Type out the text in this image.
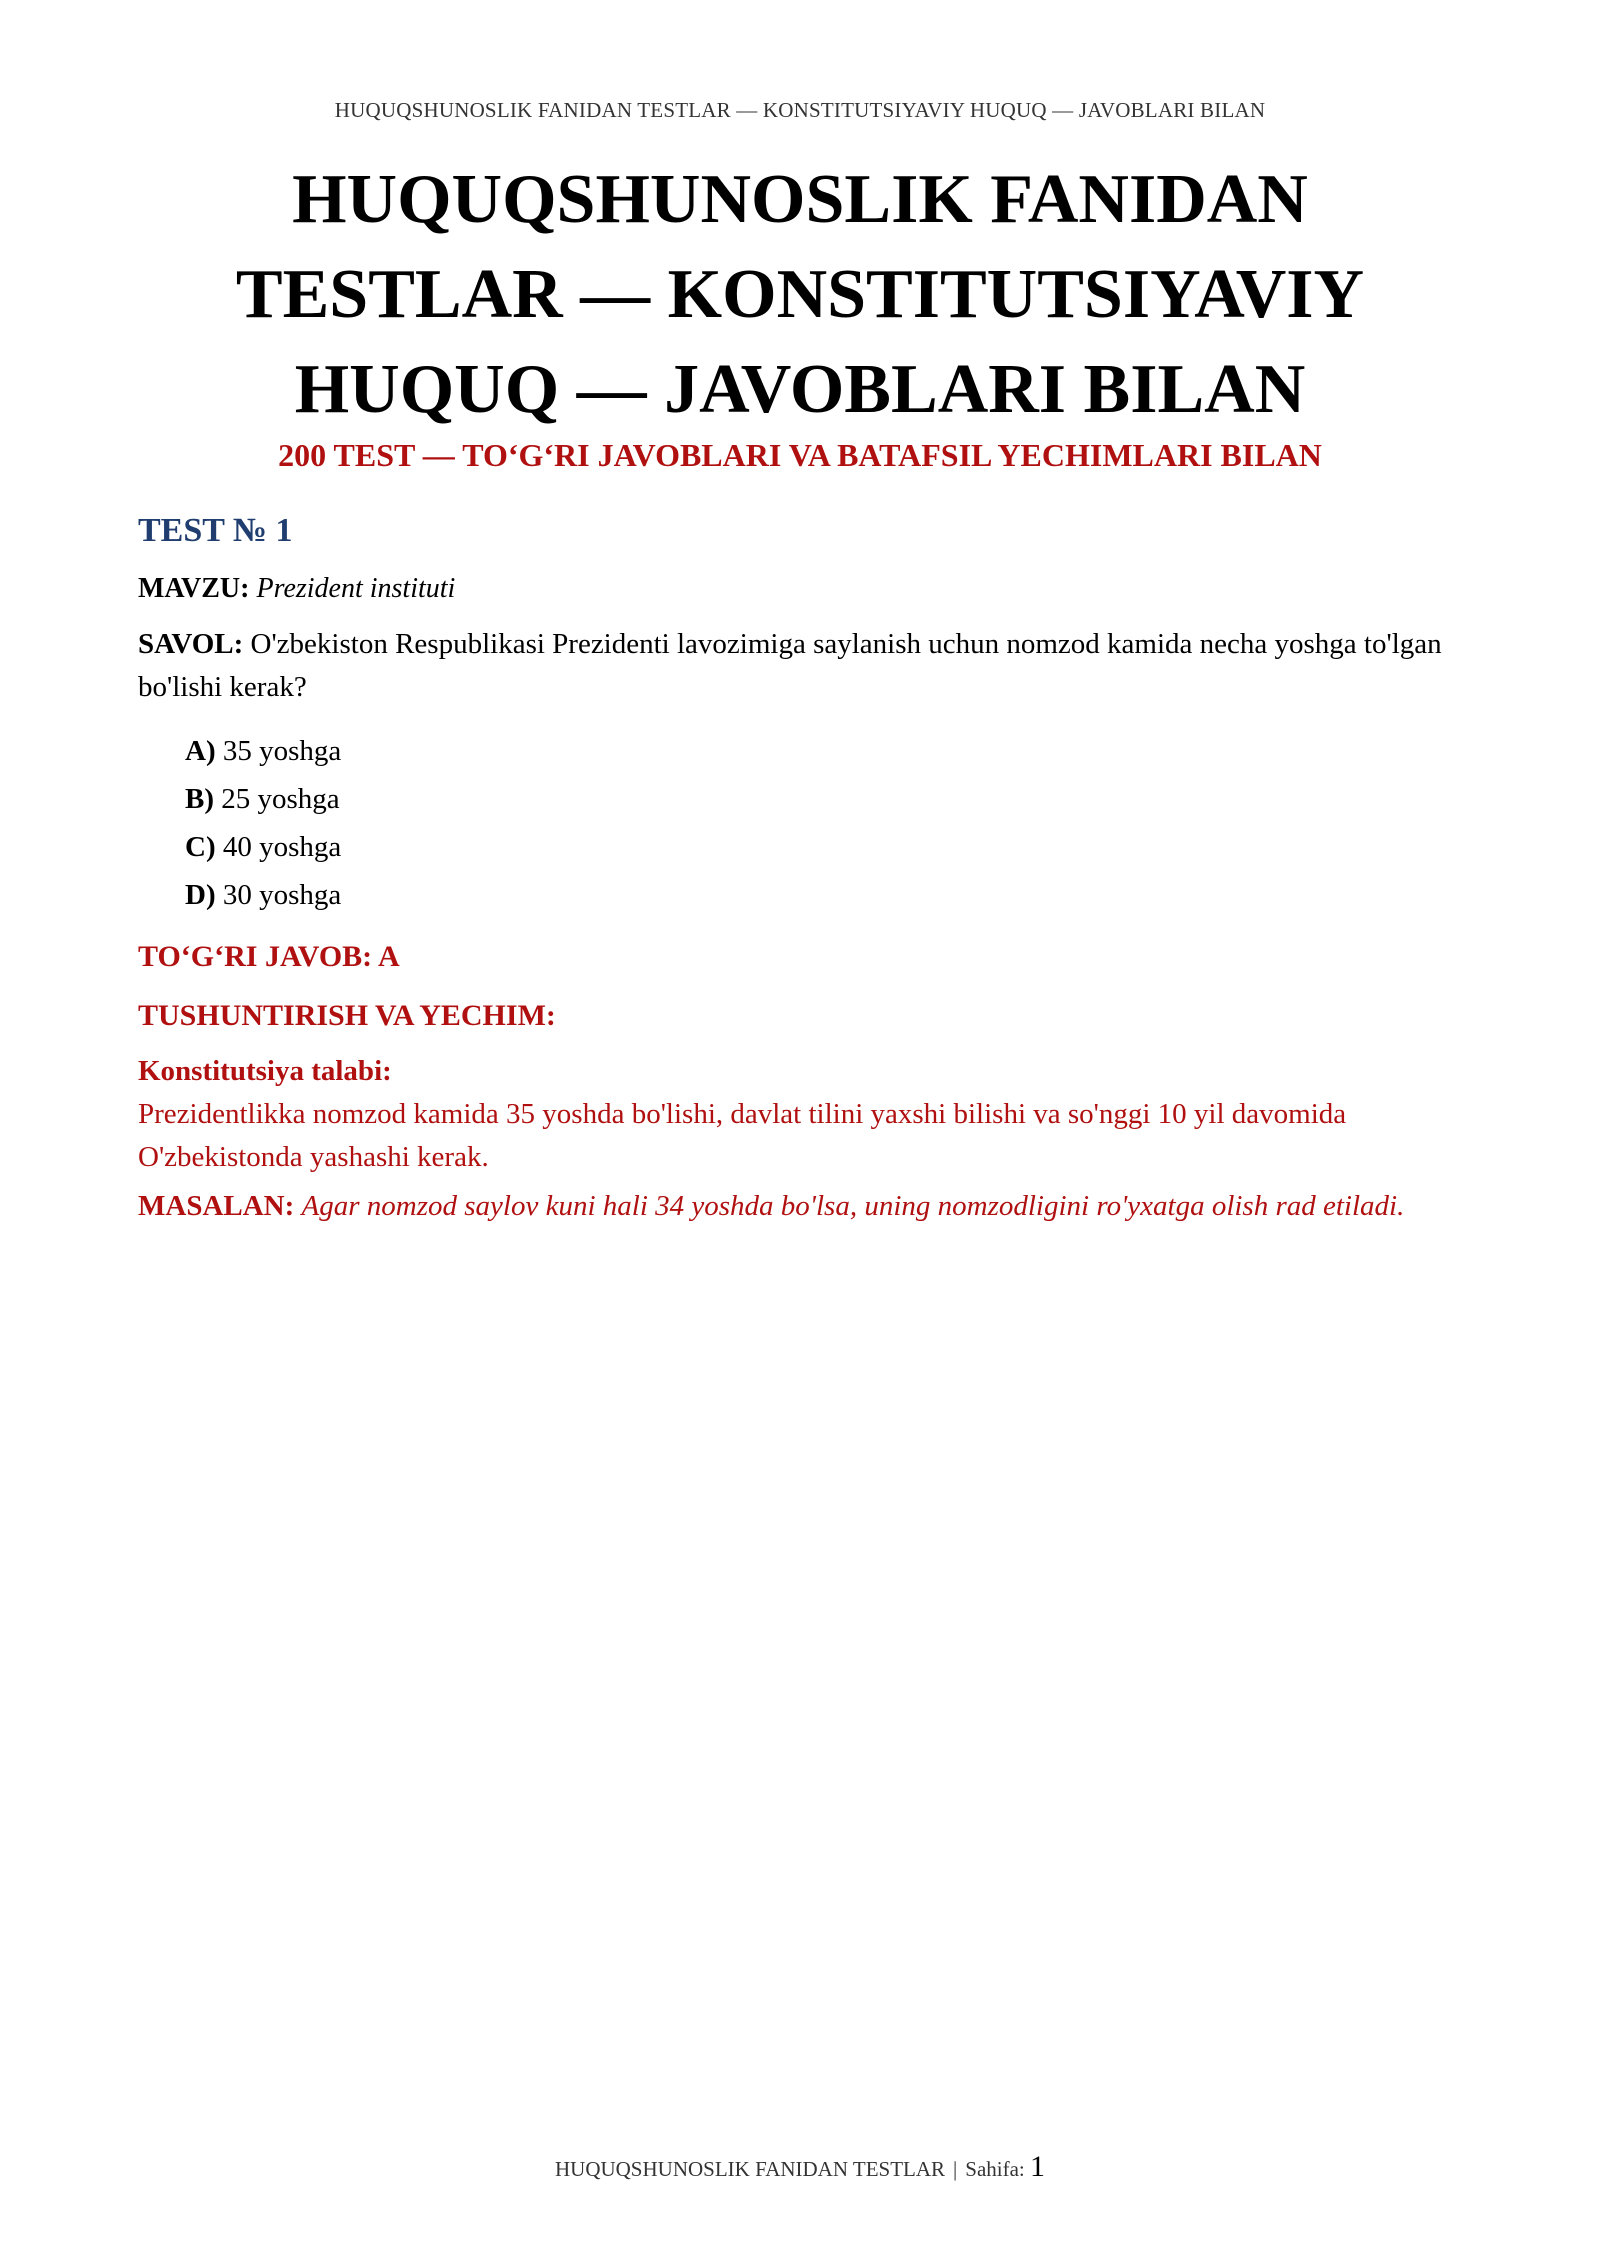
HUQUQSHUNOSLIK FANIDAN TESTLAR — KONSTITUTSIYAVIY HUQUQ — JAVOBLARI BILAN
HUQUQSHUNOSLIK FANIDAN
TESTLAR — KONSTITUTSIYAVIY
HUQUQ — JAVOBLARI BILAN
200 TEST — TO‘G‘RI JAVOBLARI VA BATAFSIL YECHIMLARI BILAN
TEST № 1

MAVZU: Prezident instituti

SAVOL: O'zbekiston Respublikasi Prezidenti lavozimiga saylanish uchun nomzod kamida necha yoshga to'lgan bo'lishi kerak?

A) 35 yoshga
B) 25 yoshga
C) 40 yoshga
D) 30 yoshga

TO‘G‘RI JAVOB: A

TUSHUNTIRISH VA YECHIM:

Konstitutsiya talabi:

Prezidentlikka nomzod kamida 35 yoshda bo'lishi, davlat tilini yaxshi bilishi va so'nggi 10 yil davomida O'zbekistonda yashashi kerak.

MASALAN: Agar nomzod saylov kuni hali 34 yoshda bo'lsa, uning nomzodligini ro'yxatga olish rad etiladi.

HUQUQSHUNOSLIK FANIDAN TESTLAR | Sahifa: 1
